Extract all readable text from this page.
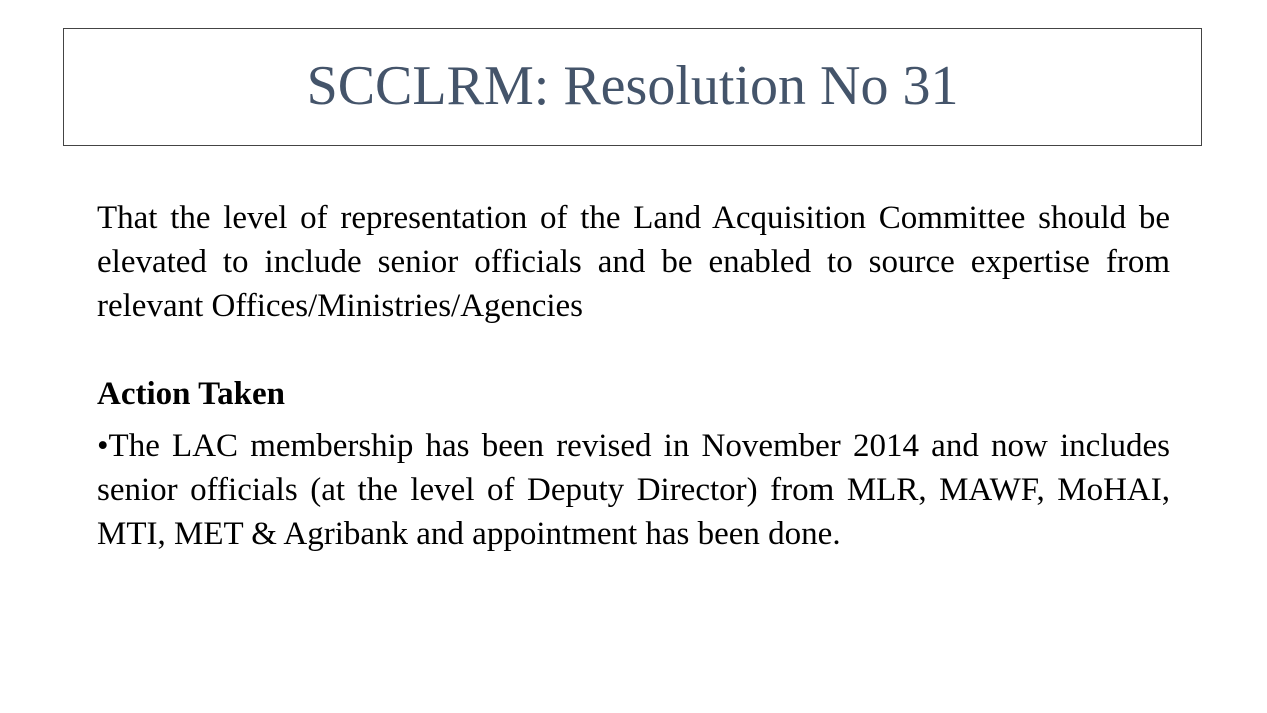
SCCLRM: Resolution No 31

That the level of representation of the Land Acquisition Committee should be elevated to include senior officials and be enabled to source expertise from relevant Offices/Ministries/Agencies

Action Taken

•The LAC membership has been revised in November 2014 and now includes senior officials (at the level of Deputy Director) from MLR, MAWF, MoHAI, MTI, MET & Agribank and appointment has been done.
